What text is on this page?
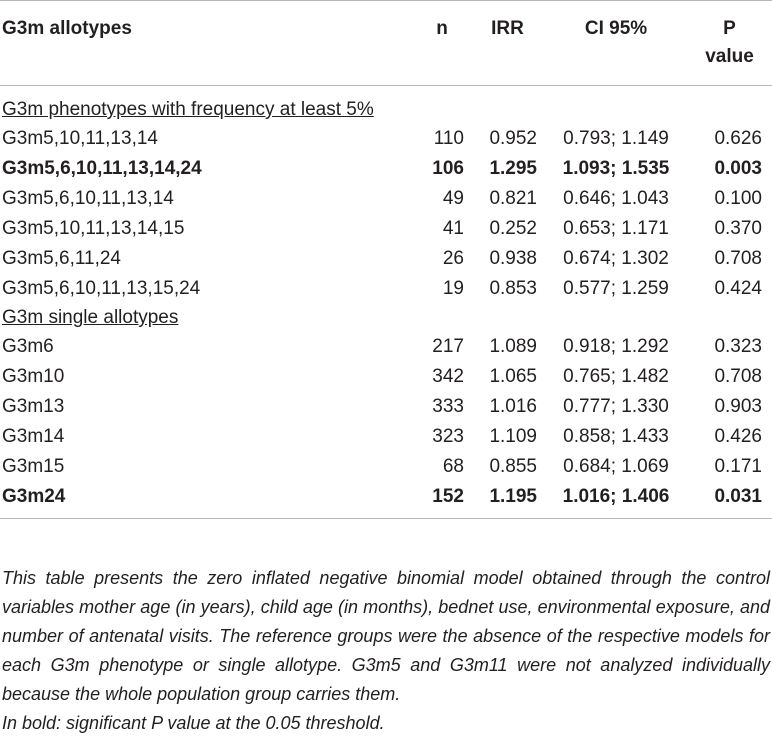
G3m allotypes	n	IRR	CI 95%	P
value
G3m phenotypes with frequency at least 5%				
G3m5,10,11,13,14	110	0.952	0.793; 1.149	0.626
G3m5,6,10,11,13,14,24	106	1.295	1.093; 1.535	0.003
G3m5,6,10,11,13,14	49	0.821	0.646; 1.043	0.100
G3m5,10,11,13,14,15	41	0.252	0.653; 1.171	0.370
G3m5,6,11,24	26	0.938	0.674; 1.302	0.708
G3m5,6,10,11,13,15,24	19	0.853	0.577; 1.259	0.424
G3m single allotypes				
G3m6	217	1.089	0.918; 1.292	0.323
G3m10	342	1.065	0.765; 1.482	0.708
G3m13	333	1.016	0.777; 1.330	0.903
G3m14	323	1.109	0.858; 1.433	0.426
G3m15	68	0.855	0.684; 1.069	0.171
G3m24	152	1.195	1.016; 1.406	0.031

This table presents the zero inflated negative binomial model obtained through the control variables mother age (in years), child age (in months), bednet use, environmental exposure, and number of antenatal visits. The reference groups were the absence of the respective models for each G3m phenotype or single allotype. G3m5 and G3m11 were not analyzed individually because the whole population group carries them.

In bold: significant P value at the 0.05 threshold.
